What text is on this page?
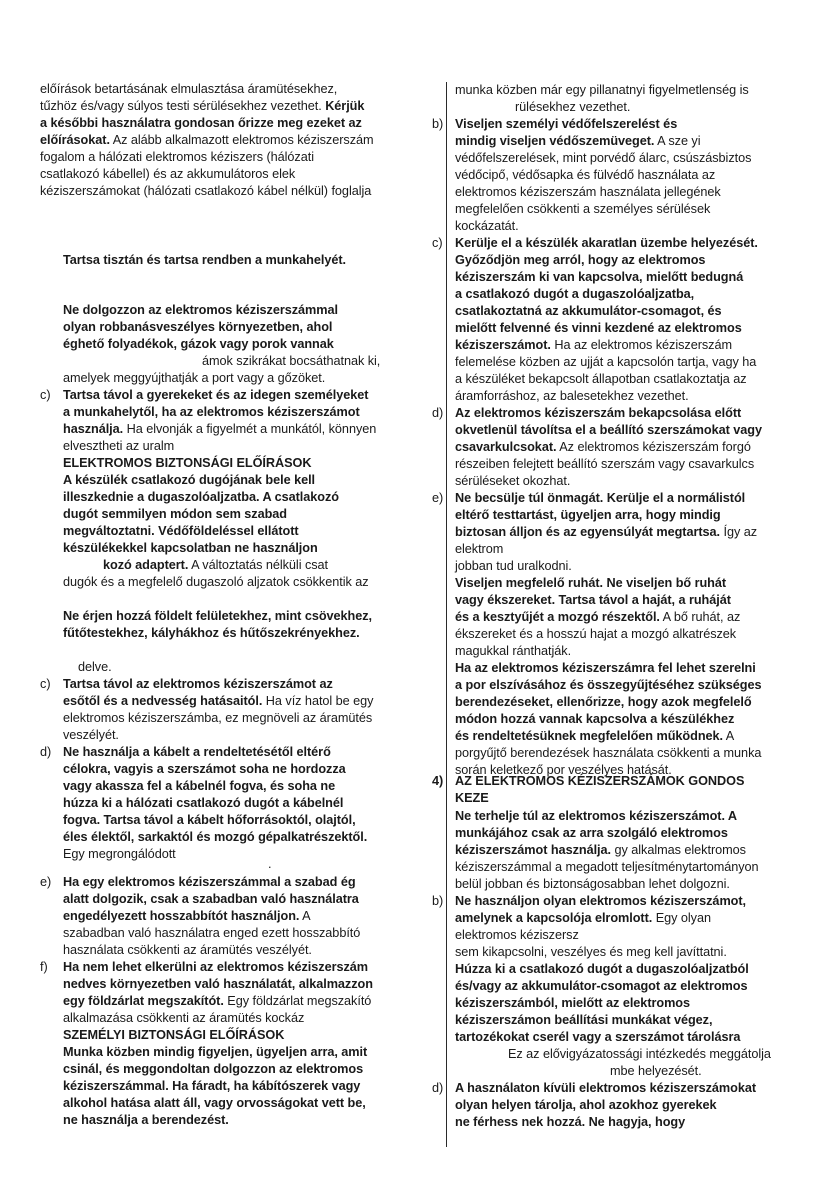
előírások betartásának elmulasztása áramütésekhez,
tűzhöz és/vagy súlyos testi sérülésekhez vezethet. Kérjük
a későbbi használatra gondosan őrizze meg ezeket az
előírásokat. Az alább alkalmazott elektromos kéziszerszám
fogalom a hálózati elektromos kéziszers (hálózati
csatlakozó kábellel) és az akkumulátoros elek
kéziszerszámokat (hálózati csatlakozó kábel nélkül) foglalja
Tartsa tisztán és tartsa rendben a munkahelyét.
Ne dolgozzon az elektromos kéziszerszámmal
olyan robbanásveszélyes környezetben, ahol
éghető folyadékok, gázok vagy porok vannak
ámok szikrákat bocsáthatnak ki,
amelyek meggyújthatják a port vagy a gőzöket.
Tartsa távol a gyerekeket és az idegen személyeket
a munkahelytől, ha az elektromos kéziszerszámot
használja. Ha elvonják a figyelmét a munkától, könnyen
elvesztheti az uralm
ELEKTROMOS BIZTONSÁGI ELŐÍRÁSOK
A készülék csatlakozó dugójának bele kell
illeszkednie a dugaszolóaljzatba. A csatlakozó
dugót semmilyen módon sem szabad
megváltoztatni. Védőföldeléssel ellátott
készülékekkel kapcsolatban ne használjon
kozó adaptert. A változtatás nélküli csat
dugók és a megfelelő dugaszoló aljzatok csökkentik az
Ne érjen hozzá földelt felületekhez, mint csövekhez,
fűtőtestekhez, kályhákhoz és hűtőszekrényekhez.
delve.
Tartsa távol az elektromos kéziszerszámot az
esőtől és a nedvesség hatásaitól. Ha víz hatol be egy
elektromos kéziszerszámba, ez megnöveli az áramütés
veszélyét.
Ne használja a kábelt a rendeltetésétől eltérő
célokra, vagyis a szerszámot soha ne hordozza
vagy akassza fel a kábelnél fogva, és soha ne
húzza ki a hálózati csatlakozó dugót a kábelnél
fogva. Tartsa távol a kábelt hőforrásoktól, olajtól,
éles élektől, sarkaktól és mozgó gépalkatrészektől.
Egy megrongálódott
.
Ha egy elektromos kéziszerszámmal a szabad ég
alatt dolgozik, csak a szabadban való használatra
engedélyezett hosszabbítót használjon. A
szabadban való használatra enged ezett hosszabbító
használata csökkenti az áramütés veszélyét.
Ha nem lehet elkerülni az elektromos kéziszerszám
nedves környezetben való használatát, alkalmazzon
egy földzárlat megszakítót. Egy földzárlat megszakító
alkalmazása csökkenti az áramütés kockáz
SZEMÉLYI BIZTONSÁGI ELŐÍRÁSOK
Munka közben mindig figyeljen, ügyeljen arra, amit
csinál, és meggondoltan dolgozzon az elektromos
kéziszerszámmal. Ha fáradt, ha kábítószerek vagy
alkohol hatása alatt áll, vagy orvosságokat vett be,
ne használja a berendezést.
munka közben már egy pillanatnyi figyelmetlenség is
rülésekhez vezethet.
Viseljen személyi védőfelszerelést és
mindig viseljen védőszemüveget. A sze yi
védőfelszerelések, mint porvédő álarc, csúszásbiztos
védőcipő, védősapka és fülvédő használata az
elektromos kéziszerszám használata jellegének
megfelelően csökkenti a személyes sérülések
kockázatát.
Kerülje el a készülék akaratlan üzembe helyezését.
Győződjön meg arról, hogy az elektromos
kéziszerszám ki van kapcsolva, mielőtt bedugná
a csatlakozó dugót a dugaszolóaljzatba,
csatlakoztatná az akkumulátor-csomagot, és
mielőtt felvenné és vinni kezdené az elektromos
kéziszerszámot. Ha az elektromos kéziszerszám
felemelése közben az ujját a kapcsolón tartja, vagy ha
a készüléket bekapcsolt állapotban csatlakoztatja az
áramforráshoz, az balesetekhez vezethet.
Az elektromos kéziszerszám bekapcsolása előtt
okvetlenül távolítsa el a beállító szerszámokat vagy
csavarkulcsokat. Az elektromos kéziszerszám forgó
részeiben felejtett beállító szerszám vagy csavarkulcs
sérüléseket okozhat.
Ne becsülje túl önmagát. Kerülje el a normálistól
eltérő testtartást, ügyeljen arra, hogy mindig
biztosan álljon és az egyensúlyát megtartsa. Így az
elektrom
jobban tud uralkodni.
Viseljen megfelelő ruhát. Ne viseljen bő ruhát
vagy ékszereket. Tartsa távol a haját, a ruháját
és a kesztyűjét a mozgó részektől. A bő ruhát, az
ékszereket és a hosszú hajat a mozgó alkatrészek
magukkal ránthatják.
Ha az elektromos kéziszerszámra fel lehet szerelni
a por elszívásához és összegyűjtéséhez szükséges
berendezéseket, ellenőrizze, hogy azok megfelelő
módon hozzá vannak kapcsolva a készülékhez
és rendeltetésüknek megfelelően működnek. A
porgyűjtő berendezések használata csökkenti a munka
során keletkező por veszélyes hatását.
AZ ELEKTROMOS KÉZISZERSZÁMOK GONDOS
KEZE
Ne terhelje túl az elektromos kéziszerszámot. A
munkájához csak az arra szolgáló elektromos
kéziszerszámot használja. gy alkalmas elektromos
kéziszerszámmal a megadott teljesítménytartományon
belül jobban és biztonságosabban lehet dolgozni.
Ne használjon olyan elektromos kéziszerszámot,
amelynek a kapcsolója elromlott. Egy olyan
elektromos kéziszersz
sem kikapcsolni, veszélyes és meg kell javíttatni.
Húzza ki a csatlakozó dugót a dugaszolóaljzatból
és/vagy az akkumulátor-csomagot az elektromos
kéziszerszámból, mielőtt az elektromos
kéziszerszámon beállítási munkákat végez,
tartozékokat cserél vagy a szerszámot tárolásra
Ez az elővigyázatossági intézkedés meggátolja
mbe helyezését.
A használaton kívüli elektromos kéziszerszámokat
olyan helyen tárolja, ahol azokhoz gyerekek
ne férhess nek hozzá. Ne hagyja, hogy
c)
c)
d)
e)
f)
b)
c)
d)
e)
4)
b)
d)
